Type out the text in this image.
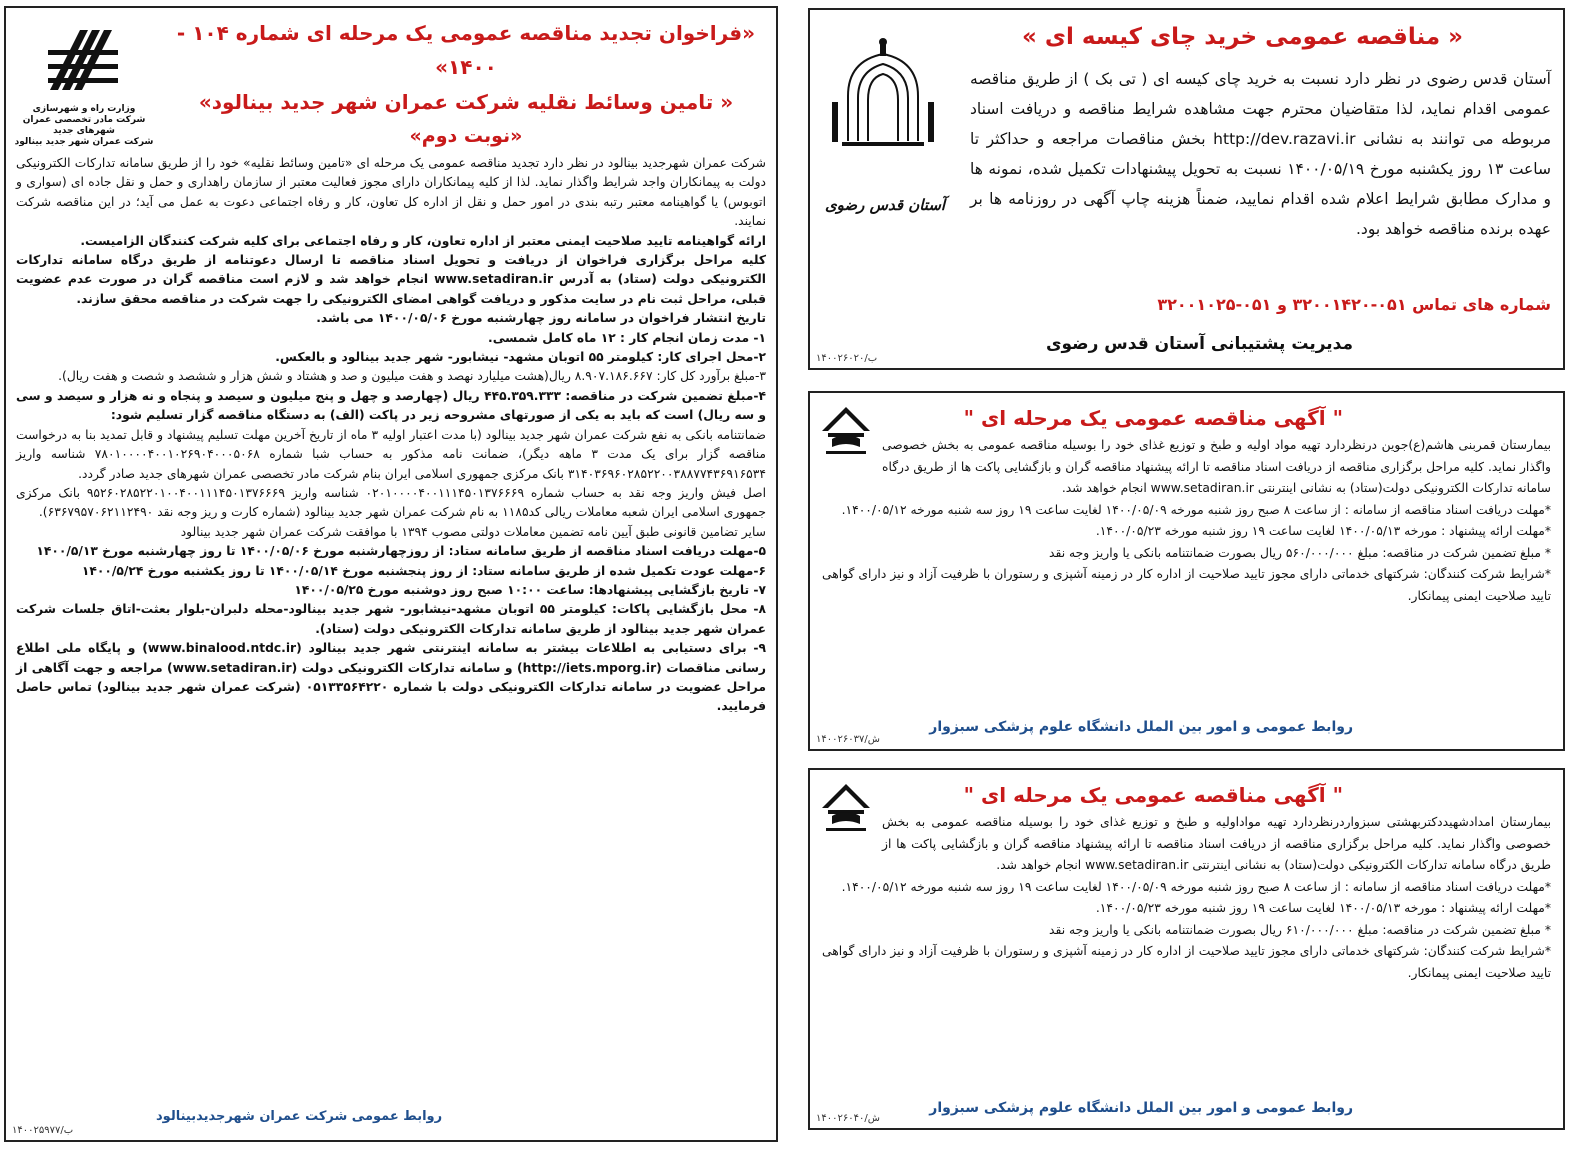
وزارت راه و شهرسازی
شرکت مادر تخصصی عمران شهرهای جدید
شرکت عمران شهر جدید بینالود
«فراخوان تجدید مناقصه عمومی یک مرحله ای شماره ۱۰۴ - ۱۴۰۰»
« تامین وسائط نقلیه شرکت عمران شهر جدید بینالود»
«نوبت دوم»

شرکت عمران شهرجدید بینالود در نظر دارد تجدید مناقصه عمومی یک مرحله ای «تامین وسائط نقلیه» خود را از طریق سامانه تدارکات الکترونیکی دولت به پیمانکاران واجد شرایط واگذار نماید. لذا از کلیه پیمانکاران دارای مجوز فعالیت معتبر از سازمان راهداری و حمل و نقل جاده ای (سواری و اتوبوس) یا گواهینامه معتبر رتبه بندی در امور حمل و نقل از اداره کل تعاون، کار و رفاه اجتماعی دعوت به عمل می آید؛ در این مناقصه شرکت نمایند.

ارائه گواهینامه تایید صلاحیت ایمنی معتبر از اداره تعاون، کار و رفاه اجتماعی برای کلیه شرکت کنندگان الزامیست.

کلیه مراحل برگزاری فراخوان از دریافت و تحویل اسناد مناقصه تا ارسال دعوتنامه از طریق درگاه سامانه تدارکات الکترونیکی دولت (ستاد) به آدرس www.setadiran.ir انجام خواهد شد و لازم است مناقصه گران در صورت عدم عضویت قبلی، مراحل ثبت نام در سایت مذکور و دریافت گواهی امضای الکترونیکی را جهت شرکت در مناقصه محقق سازند.

تاریخ انتشار فراخوان در سامانه روز چهارشنبه مورخ ۱۴۰۰/۰۵/۰۶ می باشد.

۱- مدت زمان انجام کار : ۱۲ ماه کامل شمسی.

۲-محل اجرای کار: کیلومتر ۵۵ اتوبان مشهد- نیشابور- شهر جدید بینالود و بالعکس.

۳-مبلغ برآورد کل کار: ۸.۹۰۷.۱۸۶.۶۶۷ ریال(هشت میلیارد نهصد و هفت میلیون و صد و هشتاد و شش هزار و ششصد و شصت و هفت ریال).

۴-مبلغ تضمین شرکت در مناقصه: ۴۴۵.۳۵۹.۳۳۳ ریال (چهارصد و چهل و پنج میلیون و سیصد و پنجاه و نه هزار و سیصد و سی و سه ریال) است که باید به یکی از صورتهای مشروحه زیر در پاکت (الف) به دستگاه مناقصه گزار تسلیم شود:

ضمانتنامه بانکی به نفع شرکت عمران شهر جدید بینالود (با مدت اعتبار اولیه ۳ ماه از تاریخ آخرین مهلت تسلیم پیشنهاد و قابل تمدید بنا به درخواست مناقصه گزار برای یک مدت ۳ ماهه دیگر)، ضمانت نامه مذکور به حساب شبا شماره ۷۸۰۱۰۰۰۰۴۰۰۱۰۲۶۹۰۴۰۰۰۵۰۶۸ شناسه واریز ۳۱۴۰۳۶۹۶۰۲۸۵۲۲۰۰۳۸۸۷۷۴۳۶۹۱۶۵۳۴ بانک مرکزی جمهوری اسلامی ایران بنام شرکت مادر تخصصی عمران شهرهای جدید صادر گردد.

اصل فیش واریز وجه نقد به حساب شماره ۰۲۰۱۰۰۰۰۴۰۰۱۱۱۴۵۰۱۳۷۶۶۶۹ شناسه واریز ۹۵۲۶۰۲۸۵۲۲۰۱۰۰۴۰۰۱۱۱۴۵۰۱۳۷۶۶۶۹ بانک مرکزی جمهوری اسلامی ایران شعبه معاملات ریالی کد۱۱۸۵ به نام شرکت عمران شهر جدید بینالود (شماره کارت و ریز وجه نقد ۶۳۶۷۹۵۷۰۶۲۱۱۲۴۹۰).

سایر تضامین قانونی طبق آیین نامه تضمین معاملات دولتی مصوب ۱۳۹۴ با موافقت شرکت عمران شهر جدید بینالود

۵-مهلت دریافت اسناد مناقصه از طریق سامانه ستاد: از روزچهارشنبه مورخ ۱۴۰۰/۰۵/۰۶ تا روز چهارشنبه مورخ ۱۴۰۰/۵/۱۳

۶-مهلت عودت تکمیل شده از طریق سامانه ستاد: از روز پنجشنبه مورخ ۱۴۰۰/۰۵/۱۴ تا روز یکشنبه مورخ ۱۴۰۰/۵/۲۴

۷- تاریخ بازگشایی پیشنهادها: ساعت ۱۰:۰۰ صبح روز دوشنبه مورخ ۱۴۰۰/۰۵/۲۵

۸- محل بازگشایی پاکات: کیلومتر ۵۵ اتوبان مشهد-نیشابور- شهر جدید بینالود-محله دلبران-بلوار بعثت-اتاق جلسات شرکت عمران شهر جدید بینالود از طریق سامانه تدارکات الکترونیکی دولت (ستاد).

۹- برای دستیابی به اطلاعات بیشتر به سامانه اینترنتی شهر جدید بینالود (www.binalood.ntdc.ir) و پایگاه ملی اطلاع رسانی مناقصات (http://iets.mporg.ir) و سامانه تدارکات الکترونیکی دولت (www.setadiran.ir) مراجعه و جهت آگاهی از مراحل عضویت در سامانه تدارکات الکترونیکی دولت با شماره ۰۵۱۳۳۵۶۴۲۲۰ (شرکت عمران شهر جدید بینالود) تماس حاصل فرمایید.

روابط عمومی شرکت عمران شهرجدیدبینالود
۱۴۰۰۲۵۹۷۷/ب
آستان قدس رضوی
« مناقصه عمومی خرید چای کیسه ای »
آستان قدس رضوی در نظر دارد نسبت به خرید چای کیسه ای ( تی بک ) از طریق مناقصه عمومی اقدام نماید، لذا متقاضیان محترم جهت مشاهده شرایط مناقصه و دریافت اسناد مربوطه می توانند به نشانی http://dev.razavi.ir بخش مناقصات مراجعه و حداکثر تا ساعت ۱۳ روز یکشنبه مورخ ۱۴۰۰/۰۵/۱۹ نسبت به تحویل پیشنهادات تکمیل شده، نمونه ها و مدارک مطابق شرایط اعلام شده اقدام نمایید، ضمناً هزینه چاپ آگهی در روزنامه ها بر عهده برنده مناقصه خواهد بود.
شماره های تماس ۰۵۱-۳۲۰۰۱۴۲۰ و ۰۵۱-۳۲۰۰۱۰۲۵
مدیریت پشتیبانی آستان قدس رضوی
۱۴۰۰۲۶۰۲۰/ب
" آگهی مناقصه عمومی یک مرحله ای "

بیمارستان قمربنی هاشم(ع)جوین درنظردارد تهیه مواد اولیه و طبخ و توزیع غذای خود را بوسیله مناقصه عمومی به بخش خصوصی واگذار نماید. کلیه مراحل برگزاری مناقصه از دریافت اسناد مناقصه تا ارائه پیشنهاد مناقصه گران و بازگشایی پاکت ها از طریق درگاه سامانه تدارکات الکترونیکی دولت(ستاد) به نشانی اینترنتی www.setadiran.ir انجام خواهد شد.

*مهلت دریافت اسناد مناقصه از سامانه : از ساعت ۸ صبح روز شنبه مورخه ۱۴۰۰/۰۵/۰۹ لغایت ساعت ۱۹ روز سه شنبه مورخه ۱۴۰۰/۰۵/۱۲.

*مهلت ارائه پیشنهاد : مورخه ۱۴۰۰/۰۵/۱۳ لغایت ساعت ۱۹ روز شنبه مورخه ۱۴۰۰/۰۵/۲۳.

* مبلغ تضمین شرکت در مناقصه: مبلغ ۵۶۰/۰۰۰/۰۰۰ ریال بصورت ضمانتنامه بانکی یا واریز وجه نقد

*شرایط شرکت کنندگان: شرکتهای خدماتی دارای مجوز تایید صلاحیت از اداره کار در زمینه آشپزی و رستوران با ظرفیت آزاد و نیز دارای گواهی تایید صلاحیت ایمنی پیمانکار.

روابط عمومی و امور بین الملل دانشگاه علوم پزشکی سبزوار
۱۴۰۰۲۶۰۳۷/ش
" آگهی مناقصه عمومی یک مرحله ای "

بیمارستان امدادشهیددکتربهشتی سبزواردرنظردارد تهیه مواداولیه و طبخ و توزیع غذای خود را بوسیله مناقصه عمومی به بخش خصوصی واگذار نماید. کلیه مراحل برگزاری مناقصه از دریافت اسناد مناقصه تا ارائه پیشنهاد مناقصه گران و بازگشایی پاکت ها از طریق درگاه سامانه تدارکات الکترونیکی دولت(ستاد) به نشانی اینترنتی www.setadiran.ir انجام خواهد شد.

*مهلت دریافت اسناد مناقصه از سامانه : از ساعت ۸ صبح روز شنبه مورخه ۱۴۰۰/۰۵/۰۹ لغایت ساعت ۱۹ روز سه شنبه مورخه ۱۴۰۰/۰۵/۱۲.

*مهلت ارائه پیشنهاد : مورخه ۱۴۰۰/۰۵/۱۳ لغایت ساعت ۱۹ روز شنبه مورخه ۱۴۰۰/۰۵/۲۳.

* مبلغ تضمین شرکت در مناقصه: مبلغ ۶۱۰/۰۰۰/۰۰۰ ریال بصورت ضمانتنامه بانکی یا واریز وجه نقد

*شرایط شرکت کنندگان: شرکتهای خدماتی دارای مجوز تایید صلاحیت از اداره کار در زمینه آشپزی و رستوران با ظرفیت آزاد و نیز دارای گواهی تایید صلاحیت ایمنی پیمانکار.

روابط عمومی و امور بین الملل دانشگاه علوم پزشکی سبزوار
۱۴۰۰۲۶۰۴۰/ش
